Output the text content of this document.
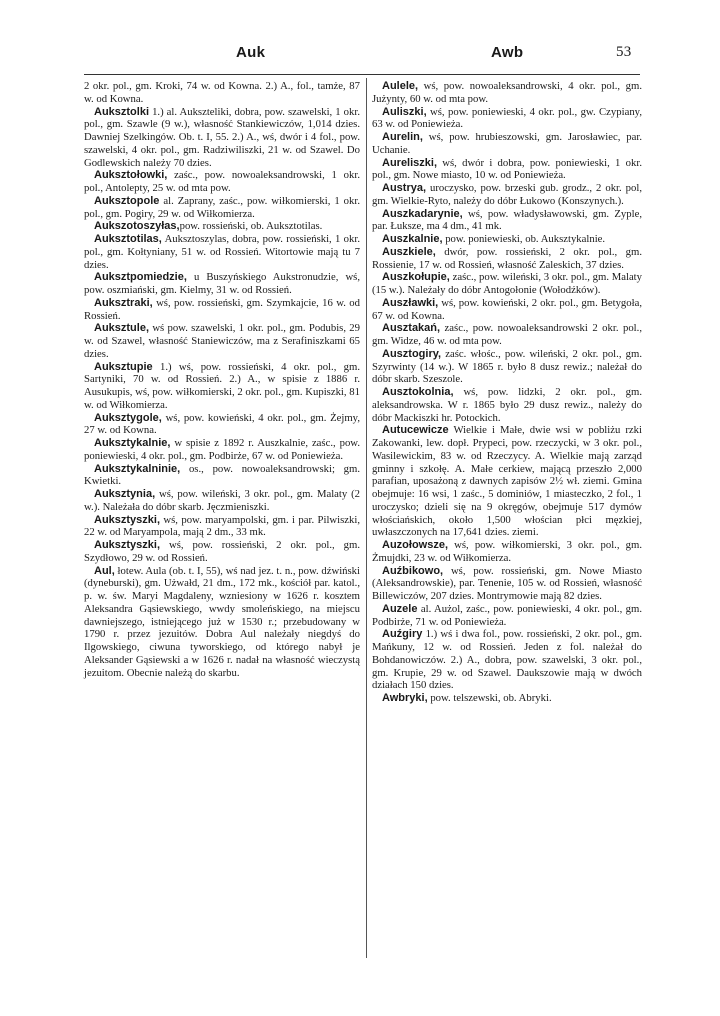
Auk	Awb	53

2 okr. pol., gm. Kroki, 74 w. od Kowna. 2.) A., fol., tamże, 87 w. od Kowna.

Auksztolki 1.) al. Aukszteliki, dobra, pow. szawelski, 1 okr. pol., gm. Szawle (9 w.), własność Stankiewiczów, 1,014 dzies. Dawniej Szelkingów. Ob. t. I, 55. 2.) A., wś, dwór i 4 fol., pow. szawelski, 4 okr. pol., gm. Radziwiliszki, 21 w. od Szawel. Do Godlewskich należy 70 dzies.

Auksztołowki, zaśc., pow. nowoaleksandrowski, 1 okr. pol., Antolepty, 25 w. od mta pow.

Auksztopole al. Zaprany, zaśc., pow. wiłkomierski, 1 okr. pol., gm. Pogiry, 29 w. od Wiłkomierza.

Aukszotoszyłas,pow. rossieński, ob. Auksztotilas.

Auksztotilas, Auksztoszylas, dobra, pow. rossieński, 1 okr. pol., gm. Kołtyniany, 51 w. od Rossień. Witortowie mają tu 7 dzies.

Auksztpomiedzie, u Buszyńskiego Aukstronudzie, wś, pow. oszmiański, gm. Kielmy, 31 w. od Rossień.

Auksztraki, wś, pow. rossieński, gm. Szymkajcie, 16 w. od Rossień.

Auksztule, wś pow. szawelski, 1 okr. pol., gm. Podubis, 29 w. od Szawel, własność Staniewiczów, ma z Serafiniszkami 65 dzies.

Auksztupie 1.) wś, pow. rossieński, 4 okr. pol., gm. Sartyniki, 70 w. od Rossień. 2.) A., w spisie z 1886 r. Ausukupis, wś, pow. wiłkomierski, 2 okr. pol., gm. Kupiszki, 81 w. od Wiłkomierza.

Auksztygole, wś, pow. kowieński, 4 okr. pol., gm. Żejmy, 27 w. od Kowna.

Auksztykalnie, w spisie z 1892 r. Auszkalnie, zaśc., pow. poniewieski, 4 okr. pol., gm. Podbirże, 67 w. od Poniewieża.

Auksztykalninie, os., pow. nowoaleksandrowski; gm. Kwietki.

Auksztynia, wś, pow. wileński, 3 okr. pol., gm. Malaty (2 w.). Należała do dóbr skarb. Jęczmieniszki.

Auksztyszki, wś, pow. maryampolski, gm. i par. Pilwiszki, 22 w. od Maryampola, mają 2 dm., 33 mk.

Auksztyszki, wś, pow. rossieński, 2 okr. pol., gm. Szydłowo, 29 w. od Rossień.

Aul, łotew. Aula (ob. t. I, 55), wś nad jez. t. n., pow. dźwiński (dyneburski), gm. Użwałd, 21 dm., 172 mk., kościół par. katol., p. w. św. Maryi Magdaleny, wzniesiony w 1626 r. kosztem Aleksandra Gąsiewskiego, wwdy smoleńskiego, na miejscu dawniejszego, istniejącego już w 1530 r.; przebudowany w 1790 r. przez jezuitów. Dobra Aul należały niegdyś do Ilgowskiego, ciwuna tyworskiego, od którego nabył je Aleksander Gąsiewski a w 1626 r. nadał na własność wieczystą jezuitom. Obecnie należą do skarbu.

Aulele, wś, pow. nowoaleksandrowski, 4 okr. pol., gm. Jużynty, 60 w. od mta pow.

Auliszki, wś, pow. poniewieski, 4 okr. pol., gw. Czypiany, 63 w. od Poniewieża.

Aurelin, wś, pow. hrubieszowski, gm. Jarosławiec, par. Uchanie.

Aureliszki, wś, dwór i dobra, pow. poniewieski, 1 okr. pol., gm. Nowe miasto, 10 w. od Poniewieża.

Austrya, uroczysko, pow. brzeski gub. grodz., 2 okr. pol, gm. Wielkie-Ryto, należy do dóbr Łukowo (Konszynych.).

Auszkadarynie, wś, pow. władysławowski, gm. Zyple, par. Łuksze, ma 4 dm., 41 mk.

Auszkalnie, pow. poniewieski, ob. Auksztykalnie.

Auszkiele, dwór, pow. rossieński, 2 okr. pol., gm. Rossienie, 17 w. od Rossień, własność Zaleskich, 37 dzies.

Auszkołupie, zaśc., pow. wileński, 3 okr. pol., gm. Malaty (15 w.). Należały do dóbr Antogołonie (Wołodźków).

Auszławki, wś, pow. kowieński, 2 okr. pol., gm. Betygoła, 67 w. od Kowna.

Ausztakań, zaśc., pow. nowoaleksandrowski 2 okr. pol., gm. Widze, 46 w. od mta pow.

Ausztogiry, zaśc. włośc., pow. wileński, 2 okr. pol., gm. Szyrwinty (14 w.). W 1865 r. było 8 dusz rewiz.; należał do dóbr skarb. Szeszole.

Ausztokolnia, wś, pow. lidzki, 2 okr. pol., gm. aleksandrowska. W r. 1865 było 29 dusz rewiz., należy do dóbr Mackiszki hr. Potockich.

Autucewicze Wielkie i Małe, dwie wsi w pobliżu rzki Zakowanki, lew. dopł. Prypeci, pow. rzeczycki, w 3 okr. pol., Wasilewickim, 83 w. od Rzeczycy. A. Wielkie mają zarząd gminny i szkołę. A. Małe cerkiew, mającą przeszło 2,000 parafian, uposażoną z dawnych zapisów 2½ wł. ziemi. Gmina obejmuje: 16 wsi, 1 zaśc., 5 dominiów, 1 miasteczko, 2 fol., 1 uroczysko; dzieli się na 9 okręgów, obejmuje 517 dymów włościańskich, około 1,500 włościan płci męzkiej, uwłaszczonych na 17,641 dzies. ziemi.

Auzołowsze, wś, pow. wiłkomierski, 3 okr. pol., gm. Żmujdki, 23 w. od Wiłkomierza.

Auźbikowo, wś, pow. rossieński, gm. Nowe Miasto (Aleksandrowskie), par. Tenenie, 105 w. od Rossień, własność Billewiczów, 207 dzies. Montrymowie mają 82 dzies.

Auzele al. Aużol, zaśc., pow. poniewieski, 4 okr. pol., gm. Podbirże, 71 w. od Poniewieża.

Auźgiry 1.) wś i dwa fol., pow. rossieński, 2 okr. pol., gm. Mańkuny, 12 w. od Rossień. Jeden z fol. należał do Bohdanowiczów. 2.) A., dobra, pow. szawelski, 3 okr. pol., gm. Krupie, 29 w. od Szawel. Daukszowie mają w dwóch działach 150 dzies.

Awbryki, pow. telszewski, ob. Abryki.
